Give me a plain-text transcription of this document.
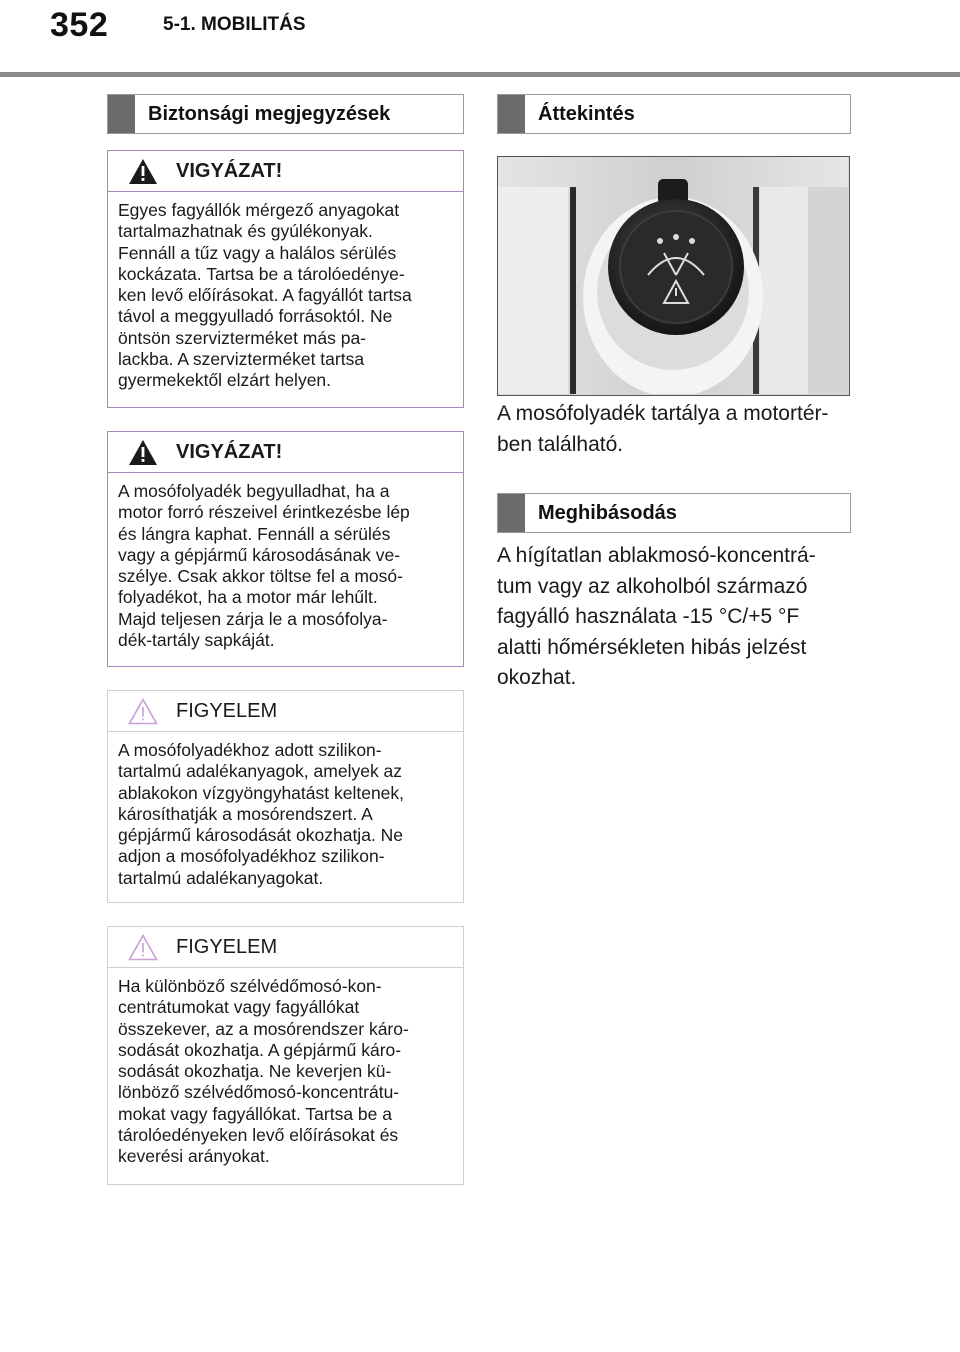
352	5-1. MOBILITÁS
Biztonsági megjegyzések
VIGYÁZAT!
Egyes fagyállók mérgező anyagokat
tartalmazhatnak és gyúlékonyak.
Fennáll a tűz vagy a halálos sérülés
kockázata. Tartsa be a tárolóedénye-
ken levő előírásokat. A fagyállót tartsa
távol a meggyulladó forrásoktól. Ne
öntsön szervizterméket más pa-
lackba. A szervizterméket tartsa
gyermekektől elzárt helyen.
VIGYÁZAT!
A mosófolyadék begyulladhat, ha a
motor forró részeivel érintkezésbe lép
és lángra kaphat. Fennáll a sérülés
vagy a gépjármű károsodásának ve-
szélye. Csak akkor töltse fel a mosó-
folyadékot, ha a motor már lehűlt.
Majd teljesen zárja le a mosófolya-
dék-tartály sapkáját.
FIGYELEM
A mosófolyadékhoz adott szilikon-
tartalmú adalékanyagok, amelyek az
ablakokon vízgyöngyhatást keltenek,
károsíthatják a mosórendszert. A
gépjármű károsodását okozhatja. Ne
adjon a mosófolyadékhoz szilikon-
tartalmú adalékanyagokat.
FIGYELEM
Ha különböző szélvédőmosó-kon-
centrátumokat vagy fagyállókat
összekever, az a mosórendszer káro-
sodását okozhatja. A gépjármű káro-
sodását okozhatja. Ne keverjen kü-
lönböző szélvédőmosó-koncentrátu-
mokat vagy fagyállókat. Tartsa be a
tárolóedényeken levő előírásokat és
keverési arányokat.
Áttekintés
A mosófolyadék tartálya a motortér-
ben található.
Meghibásodás
A hígítatlan ablakmosó-koncentrá-
tum vagy az alkoholból származó
fagyálló használata -15 °C/+5 °F
alatti hőmérsékleten hibás jelzést
okozhat.
